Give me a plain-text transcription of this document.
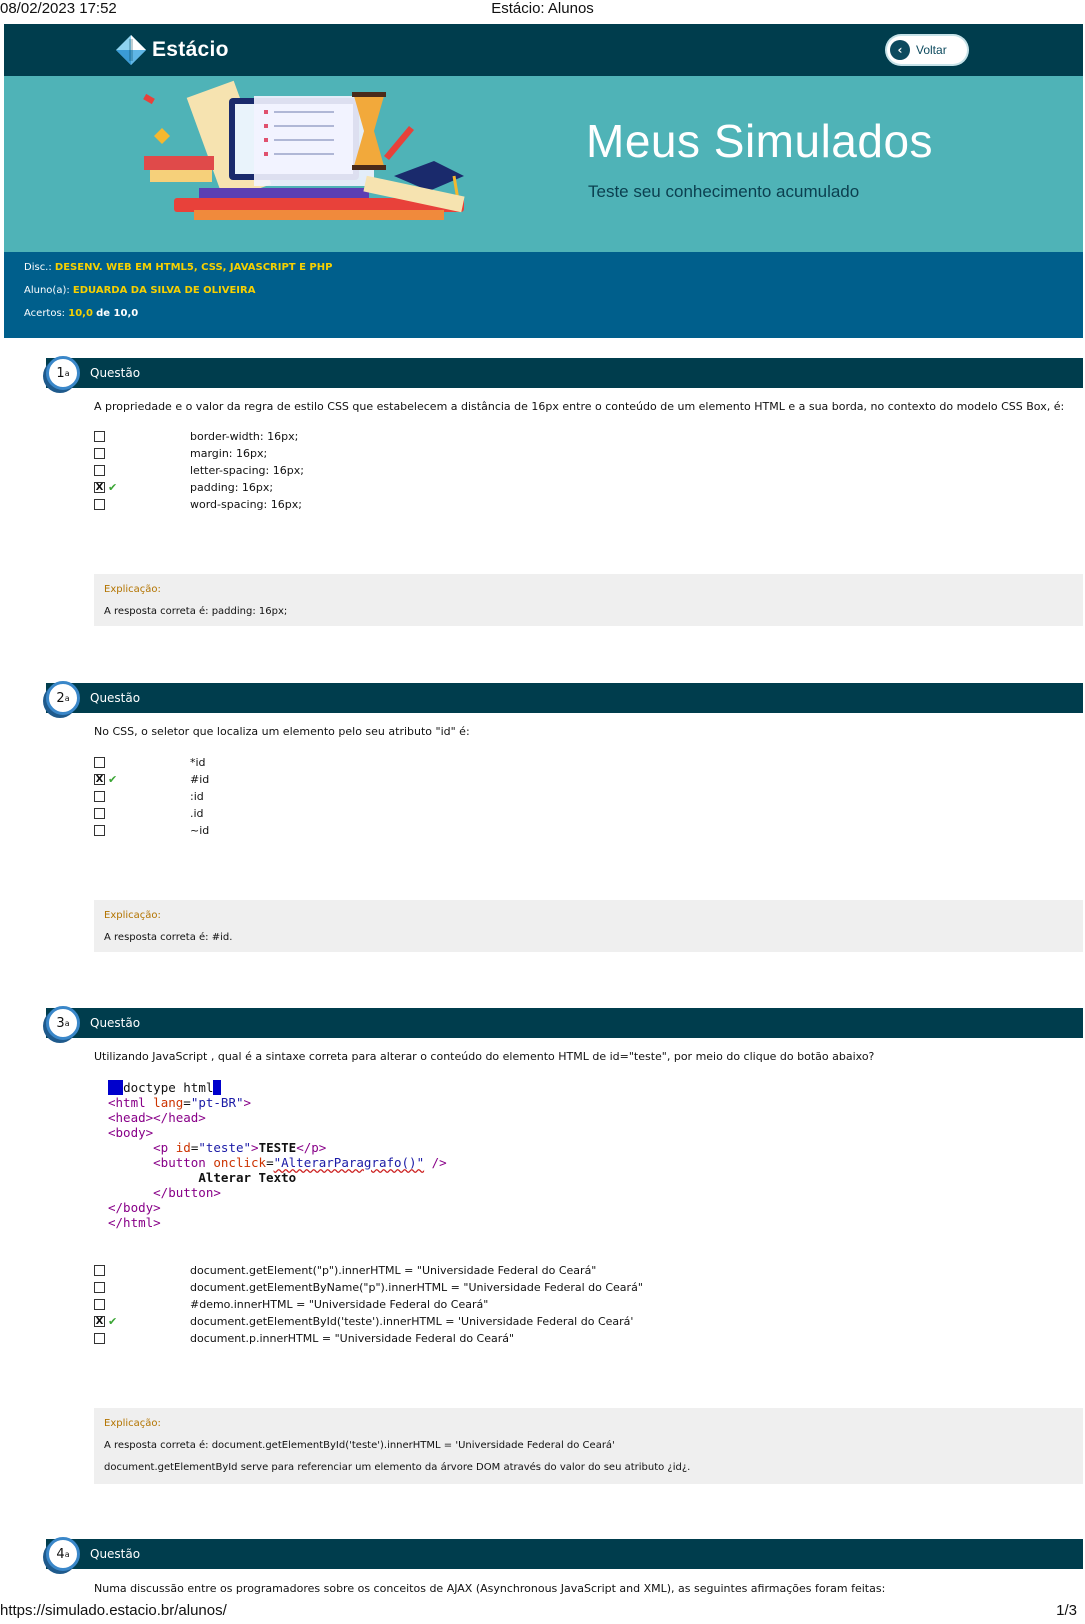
08/02/2023 17:52	Estácio: Alunos
Estácio	‹	Voltar
Meus Simulados
Teste seu conhecimento acumulado
Disc.: DESENV. WEB EM HTML5, CSS, JAVASCRIPT E PHP
Aluno(a): EDUARDA DA SILVA DE OLIVEIRA
Acertos: 10,0 de 10,0
Questão
1 a
A propriedade e o valor da regra de estilo CSS que estabelecem a distância de 16px entre o conteúdo de um elemento HTML e a sua borda, no contexto do modelo CSS Box, é:
border-width: 16px;
margin: 16px;
letter-spacing: 16px;
X ✔	padding: 16px;
word-spacing: 16px;
Explicação:
A resposta correta é: padding: 16px;
Questão
2 a
No CSS, o seletor que localiza um elemento pelo seu atributo "id" é:
*id
X ✔	#id
:id
.id
~id
Explicação:
A resposta correta é: #id.
Questão
3 a
Utilizando JavaScript , qual é a sintaxe correta para alterar o conteúdo do elemento HTML de id="teste", por meio do clique do botão abaixo?
<!doctype html>
<html lang="pt-BR">
<head></head>
<body>
<p id="teste">TESTE</p>
<button onclick="AlterarParagrafo()" />
Alterar Texto
</button>
</body>
</html>
document.getElement("p").innerHTML = "Universidade Federal do Ceará"
document.getElementByName("p").innerHTML = "Universidade Federal do Ceará"
#demo.innerHTML = "Universidade Federal do Ceará"
X ✔	document.getElementById('teste').innerHTML = 'Universidade Federal do Ceará'
document.p.innerHTML = "Universidade Federal do Ceará"
Explicação:
A resposta correta é: document.getElementById('teste').innerHTML = 'Universidade Federal do Ceará'
document.getElementById serve para referenciar um elemento da árvore DOM através do valor do seu atributo ¿id¿.
Questão
4 a
Numa discussão entre os programadores sobre os conceitos de AJAX (Asynchronous JavaScript and XML), as seguintes afirmações foram feitas:
https://simulado.estacio.br/alunos/	1/3
